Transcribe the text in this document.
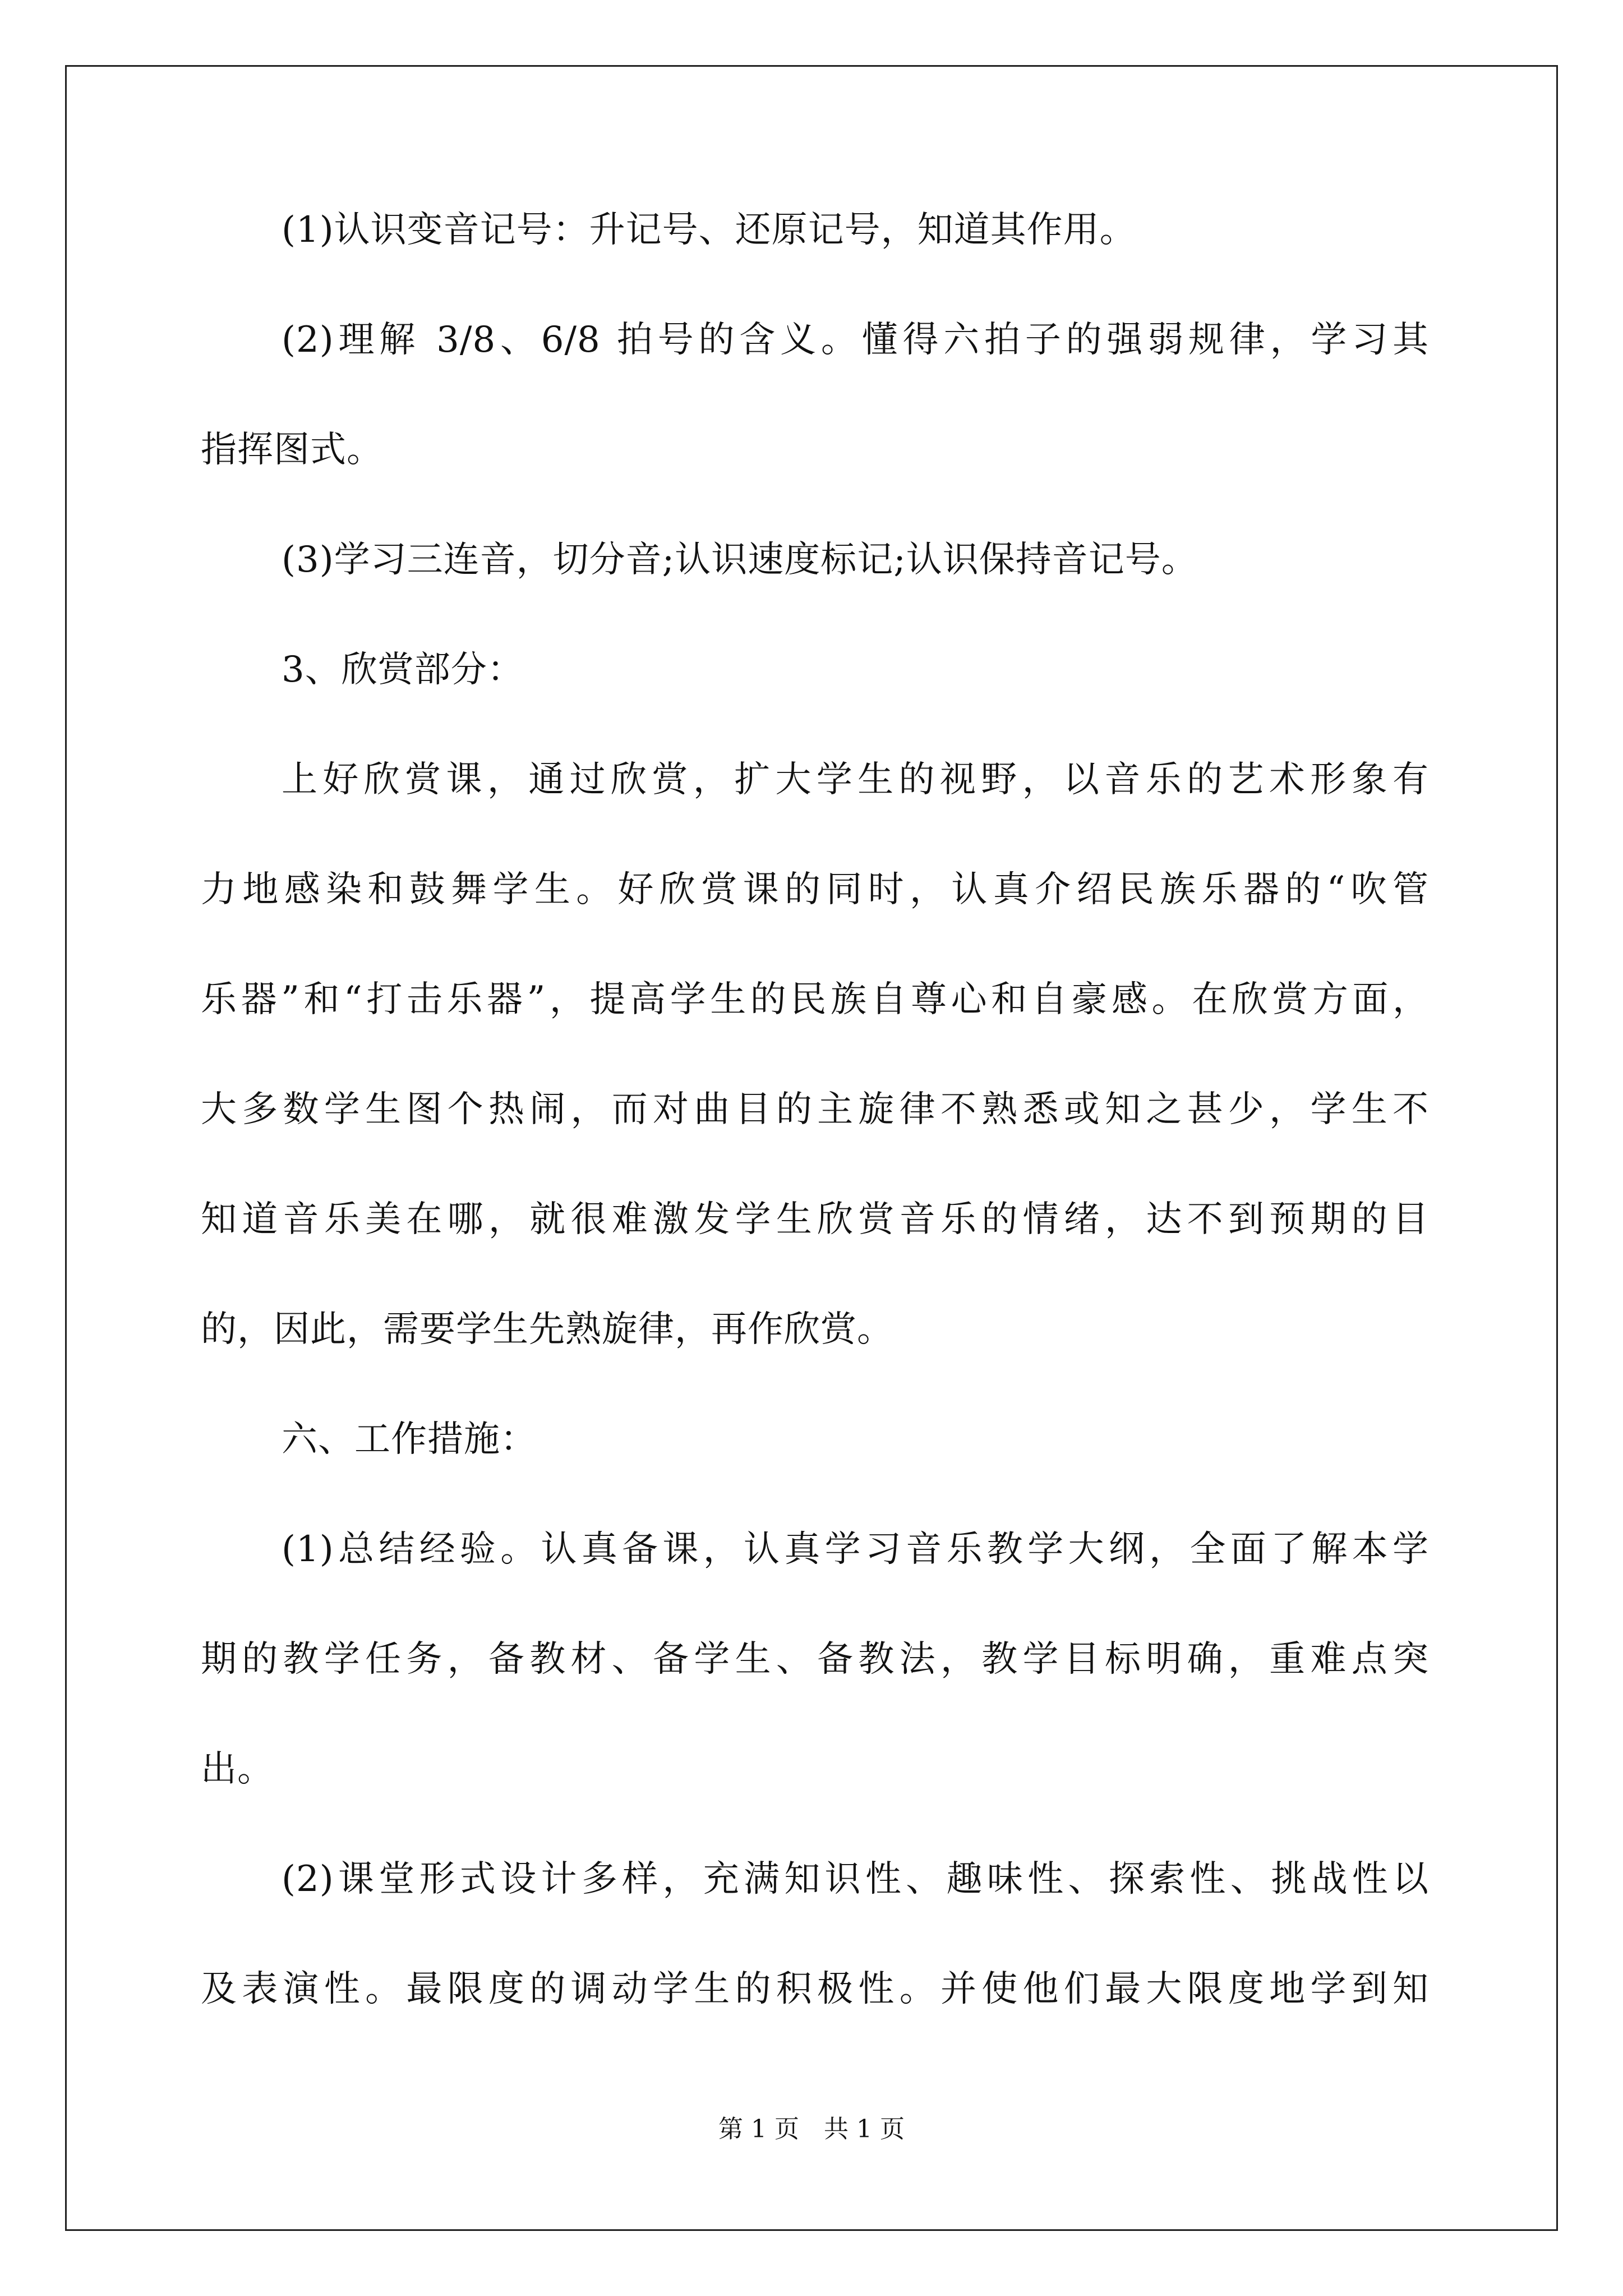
(1)认识变音记号：升记号、还原记号，知道其作用。
(2)理解 3/8、6/8 拍号的含义。懂得六拍子的强弱规律，学习其
指挥图式。
(3)学习三连音，切分音;认识速度标记;认识保持音记号。
3、欣赏部分：
上好欣赏课，通过欣赏，扩大学生的视野，以音乐的艺术形象有
力地感染和鼓舞学生。好欣赏课的同时，认真介绍民族乐器的“吹管
乐器”和“打击乐器”，提高学生的民族自尊心和自豪感。在欣赏方面，
大多数学生图个热闹，而对曲目的主旋律不熟悉或知之甚少，学生不
知道音乐美在哪，就很难激发学生欣赏音乐的情绪，达不到预期的目
的，因此，需要学生先熟旋律，再作欣赏。
六、工作措施：
(1)总结经验。认真备课，认真学习音乐教学大纲，全面了解本学
期的教学任务，备教材、备学生、备教法，教学目标明确，重难点突
出。
(2)课堂形式设计多样，充满知识性、趣味性、探索性、挑战性以
及表演性。最限度的调动学生的积极性。并使他们最大限度地学到知
第 1 页　共 1 页
